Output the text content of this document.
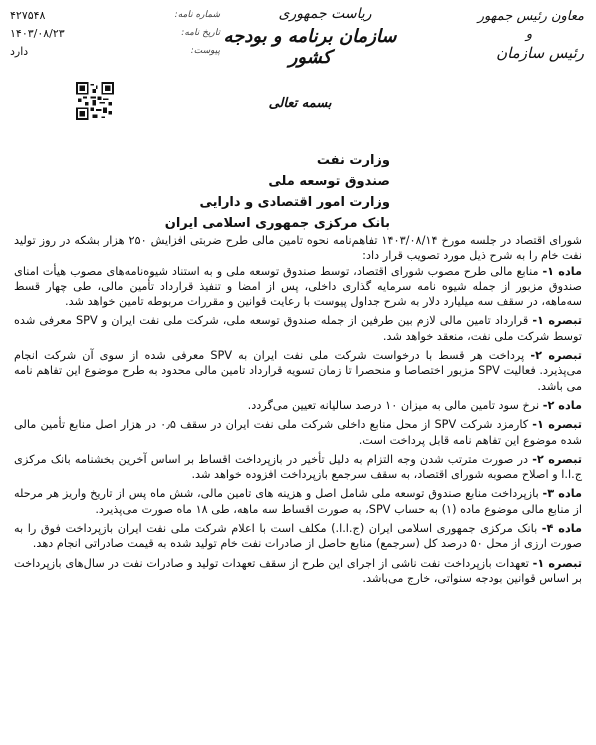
ریاست جمهوری
سازمان برنامه و بودجه کشور
معاون رئیس جمهور
و
رئیس سازمان
شماره نامه:
۴۲۷۵۴۸
تاریخ نامه:
۱۴۰۳/۰۸/۲۳
پیوست:
دارد
بسمه تعالی
وزارت نفت
صندوق توسعه ملی
وزارت امور اقتصادی و دارایی
بانک مرکزی جمهوری اسلامی ایران

شورای اقتصاد در جلسه مورخ ۱۴۰۳/۰۸/۱۴ تفاهم‌نامه نحوه تامین مالی طرح ضربتی افزایش ۲۵۰ هزار بشکه در روز تولید نفت خام را به شرح ذیل مورد تصویب قرار داد:

ماده ۱- منابع مالی طرح مصوب شورای اقتصاد، توسط صندوق توسعه ملی و به استناد شیوه‌نامه‌های مصوب هیأت امنای صندوق مزبور از جمله شیوه نامه سرمایه گذاری داخلی، پس از امضا و تنفیذ قرارداد تأمین مالی، طی چهار قسط سه‌ماهه، در سقف سه میلیارد دلار به شرح جداول پیوست با رعایت قوانین و مقررات مربوطه تامین خواهد شد.

تبصره ۱- قرارداد تامین مالی لازم بین طرفین از جمله صندوق توسعه ملی، شرکت ملی نفت ایران و SPV معرفی شده توسط شرکت ملی نفت، منعقد خواهد شد.

تبصره ۲- پرداخت هر قسط با درخواست شرکت ملی نفت ایران به SPV معرفی شده از سوی آن شرکت انجام می‌پذیرد. فعالیت SPV مزبور اختصاصا و منحصرا تا زمان تسویه قرارداد تامین مالی محدود به طرح موضوع این تفاهم نامه می باشد.

ماده ۲- نرخ سود تامین مالی به میزان ۱۰ درصد سالیانه تعیین می‌گردد.

تبصره ۱- کارمزد شرکت SPV از محل منابع داخلی شرکت ملی نفت ایران در سقف ۰٫۵ در هزار اصل منابع تأمین مالی شده موضوع این تفاهم نامه قابل پرداخت است.

تبصره ۲- در صورت مترتب شدن وجه التزام به دلیل تأخیر در بازپرداخت اقساط بر اساس آخرین بخشنامه بانک مرکزی ج.ا.ا و اصلاح مصوبه شورای اقتصاد، به سقف سرجمع بازپرداخت افزوده خواهد شد.

ماده ۳- بازپرداخت منابع صندوق توسعه ملی شامل اصل و هزینه های تامین مالی، شش ماه پس از تاریخ واریز هر مرحله از منابع مالی موضوع ماده (۱) به حساب SPV، به صورت اقساط سه ماهه، طی ۱۸ ماه صورت می‌پذیرد.

ماده ۴- بانک مرکزی جمهوری اسلامی ایران (ج.ا.ا.) مکلف است با اعلام شرکت ملی نفت ایران بازپرداخت فوق را به صورت ارزی از محل ۵۰ درصد کل (سرجمع) منابع حاصل از صادرات نفت خام تولید شده به قیمت صادراتی انجام دهد.

تبصره ۱- تعهدات بازپرداخت نفت ناشی از اجرای این طرح از سقف تعهدات تولید و صادرات نفت در سال‌های بازپرداخت بر اساس قوانین بودجه سنواتی، خارج می‌باشد.
